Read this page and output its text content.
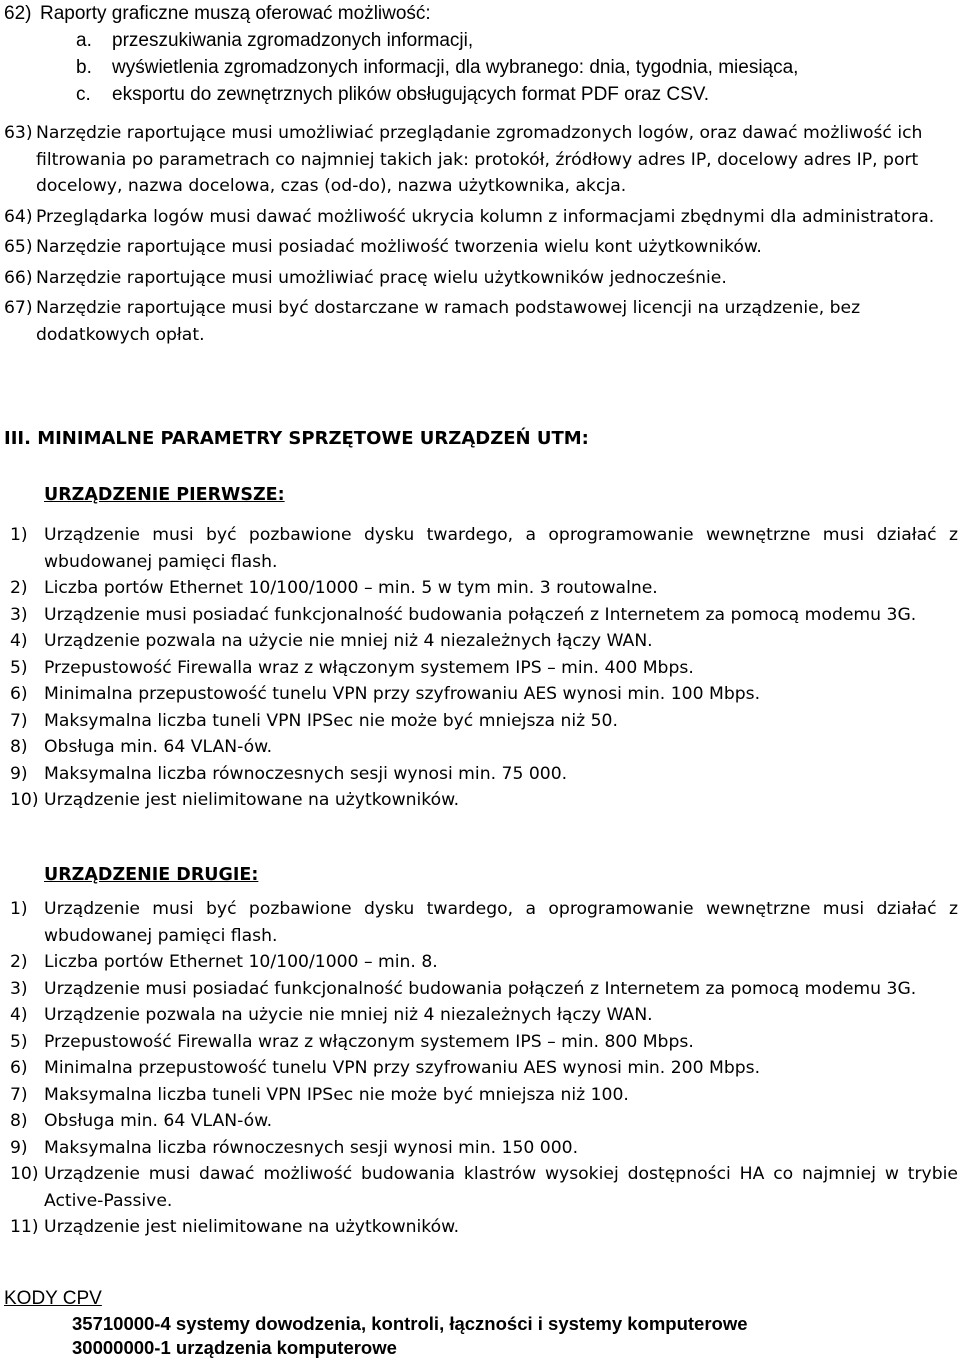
62) Raporty graficzne muszą oferować możliwość:
a.	przeszukiwania zgromadzonych informacji,
b.	wyświetlenia zgromadzonych informacji, dla wybranego: dnia, tygodnia, miesiąca,
c.	eksportu do zewnętrznych plików obsługujących format PDF oraz CSV.
63) Narzędzie raportujące musi umożliwiać przeglądanie zgromadzonych logów, oraz dawać możliwość ich filtrowania po parametrach co najmniej takich jak: protokół, źródłowy adres IP, docelowy adres IP, port docelowy, nazwa docelowa, czas (od-do), nazwa użytkownika, akcja.
64) Przeglądarka logów musi dawać możliwość ukrycia kolumn z informacjami zbędnymi dla administratora.
65) Narzędzie raportujące musi posiadać możliwość tworzenia wielu kont użytkowników.
66) Narzędzie raportujące musi umożliwiać pracę wielu użytkowników jednocześnie.
67) Narzędzie raportujące musi być dostarczane w ramach podstawowej licencji na urządzenie, bez dodatkowych opłat.
III. MINIMALNE PARAMETRY SPRZĘTOWE URZĄDZEŃ UTM:
URZĄDZENIE PIERWSZE:
1) Urządzenie musi być pozbawione dysku twardego, a oprogramowanie wewnętrzne musi działać z wbudowanej pamięci flash.
2) Liczba portów Ethernet 10/100/1000 – min. 5 w tym min. 3 routowalne.
3) Urządzenie musi posiadać funkcjonalność budowania połączeń z Internetem za pomocą modemu 3G.
4) Urządzenie pozwala na użycie nie mniej niż 4 niezależnych łączy WAN.
5) Przepustowość Firewalla wraz z włączonym systemem IPS – min. 400 Mbps.
6) Minimalna przepustowość tunelu VPN przy szyfrowaniu AES wynosi min. 100 Mbps.
7) Maksymalna liczba tuneli VPN IPSec nie może być mniejsza niż 50.
8) Obsługa min. 64 VLAN-ów.
9) Maksymalna liczba równoczesnych sesji wynosi min. 75 000.
10) Urządzenie jest nielimitowane na użytkowników.
URZĄDZENIE DRUGIE:
1) Urządzenie musi być pozbawione dysku twardego, a oprogramowanie wewnętrzne musi działać z wbudowanej pamięci flash.
2) Liczba portów Ethernet 10/100/1000 – min. 8.
3) Urządzenie musi posiadać funkcjonalność budowania połączeń z Internetem za pomocą modemu 3G.
4) Urządzenie pozwala na użycie nie mniej niż 4 niezależnych łączy WAN.
5) Przepustowość Firewalla wraz z włączonym systemem IPS – min. 800 Mbps.
6) Minimalna przepustowość tunelu VPN przy szyfrowaniu AES wynosi min. 200 Mbps.
7) Maksymalna liczba tuneli VPN IPSec nie może być mniejsza niż 100.
8) Obsługa min. 64 VLAN-ów.
9) Maksymalna liczba równoczesnych sesji wynosi min. 150 000.
10) Urządzenie musi dawać możliwość budowania klastrów wysokiej dostępności HA co najmniej w trybie Active-Passive.
11) Urządzenie jest nielimitowane na użytkowników.
KODY CPV
35710000-4 systemy dowodzenia, kontroli, łączności i systemy komputerowe
30000000-1 urządzenia komputerowe
